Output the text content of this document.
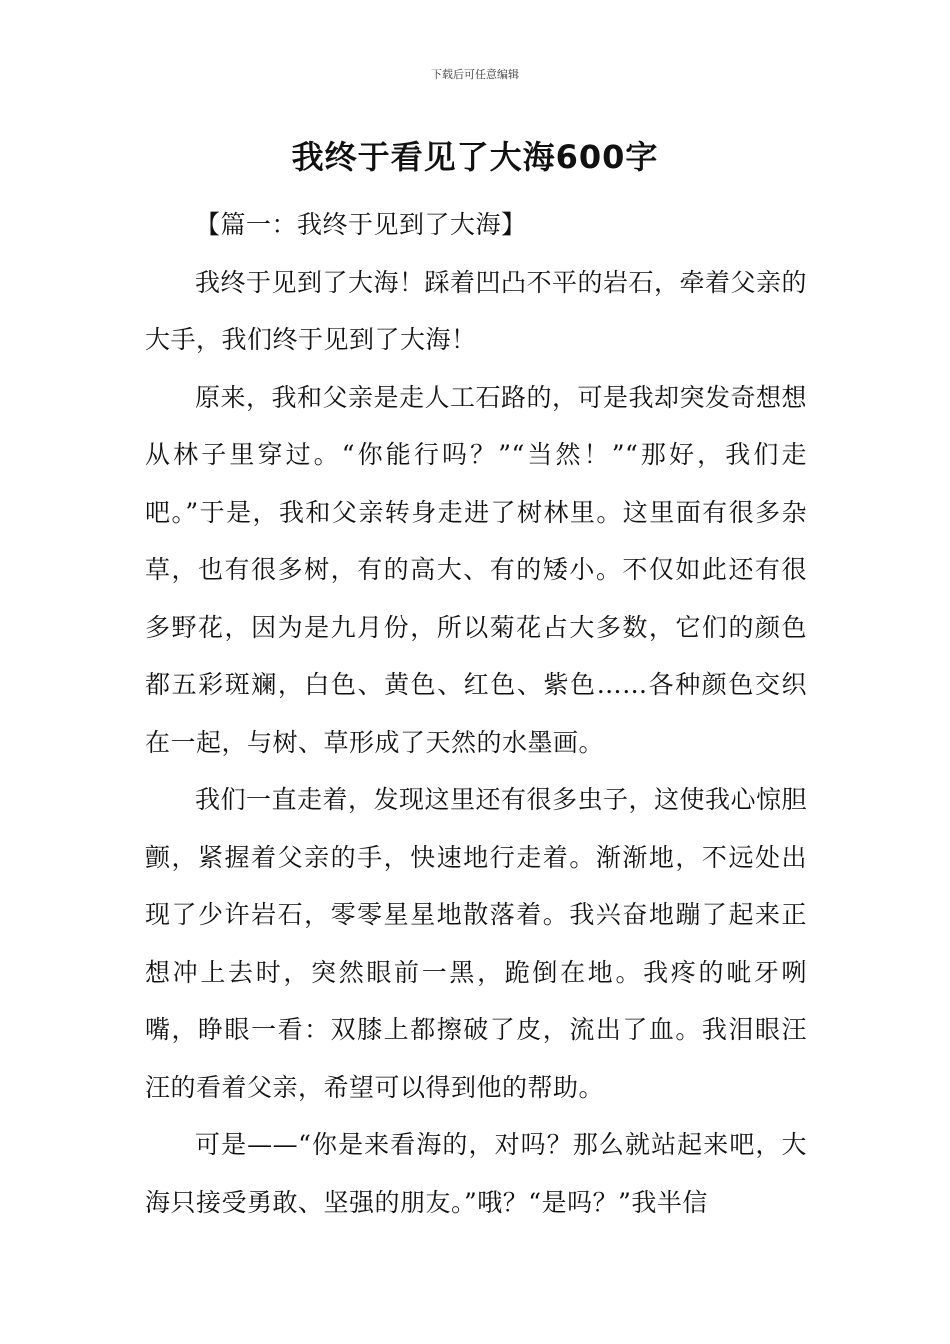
下载后可任意编辑
我终于看见了大海600字

【篇一：我终于见到了大海】

我终于见到了大海！踩着凹凸不平的岩石，牵着父亲的大手，我们终于见到了大海！

原来，我和父亲是走人工石路的，可是我却突发奇想想从林子里穿过。“你能行吗？”“当然！”“那好，我们走吧。”于是，我和父亲转身走进了树林里。这里面有很多杂草，也有很多树，有的高大、有的矮小。不仅如此还有很多野花，因为是九月份，所以菊花占大多数，它们的颜色都五彩斑斓，白色、黄色、红色、紫色……各种颜色交织在一起，与树、草形成了天然的水墨画。

我们一直走着，发现这里还有很多虫子，这使我心惊胆颤，紧握着父亲的手，快速地行走着。渐渐地，不远处出现了少许岩石，零零星星地散落着。我兴奋地蹦了起来正想冲上去时，突然眼前一黑，跪倒在地。我疼的呲牙咧嘴，睁眼一看：双膝上都擦破了皮，流出了血。我泪眼汪汪的看着父亲，希望可以得到他的帮助。

可是——“你是来看海的，对吗？那么就站起来吧，大海只接受勇敢、坚强的朋友。”哦？“是吗？”我半信
